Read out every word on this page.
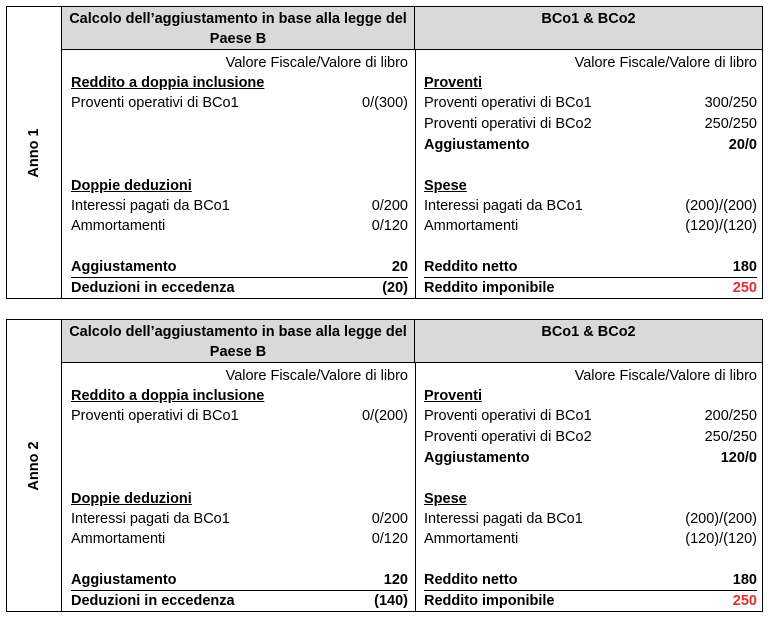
Anno 1
Calcolo dell’aggiustamento in base alla legge del Paese B
BCo1 & BCo2
Valore Fiscale/Valore di libro
Reddito a doppia inclusione
Proventi operativi di BCo1	0/(300)
Doppie deduzioni
Interessi pagati da BCo1	0/200
Ammortamenti	0/120
Aggiustamento	20
Deduzioni in eccedenza	(20)
Valore Fiscale/Valore di libro
Proventi
Proventi operativi di BCo1	300/250
Proventi operativi di BCo2	250/250
Aggiustamento	20/0
Spese
Interessi pagati da BCo1	(200)/(200)
Ammortamenti	(120)/(120)
Reddito netto	180
Reddito imponibile	250
Anno 2
Calcolo dell’aggiustamento in base alla legge del Paese B
BCo1 & BCo2
Valore Fiscale/Valore di libro
Reddito a doppia inclusione
Proventi operativi di BCo1	0/(200)
Doppie deduzioni
Interessi pagati da BCo1	0/200
Ammortamenti	0/120
Aggiustamento	120
Deduzioni in eccedenza	(140)
Valore Fiscale/Valore di libro
Proventi
Proventi operativi di BCo1	200/250
Proventi operativi di BCo2	250/250
Aggiustamento	120/0
Spese
Interessi pagati da BCo1	(200)/(200)
Ammortamenti	(120)/(120)
Reddito netto	180
Reddito imponibile	250
